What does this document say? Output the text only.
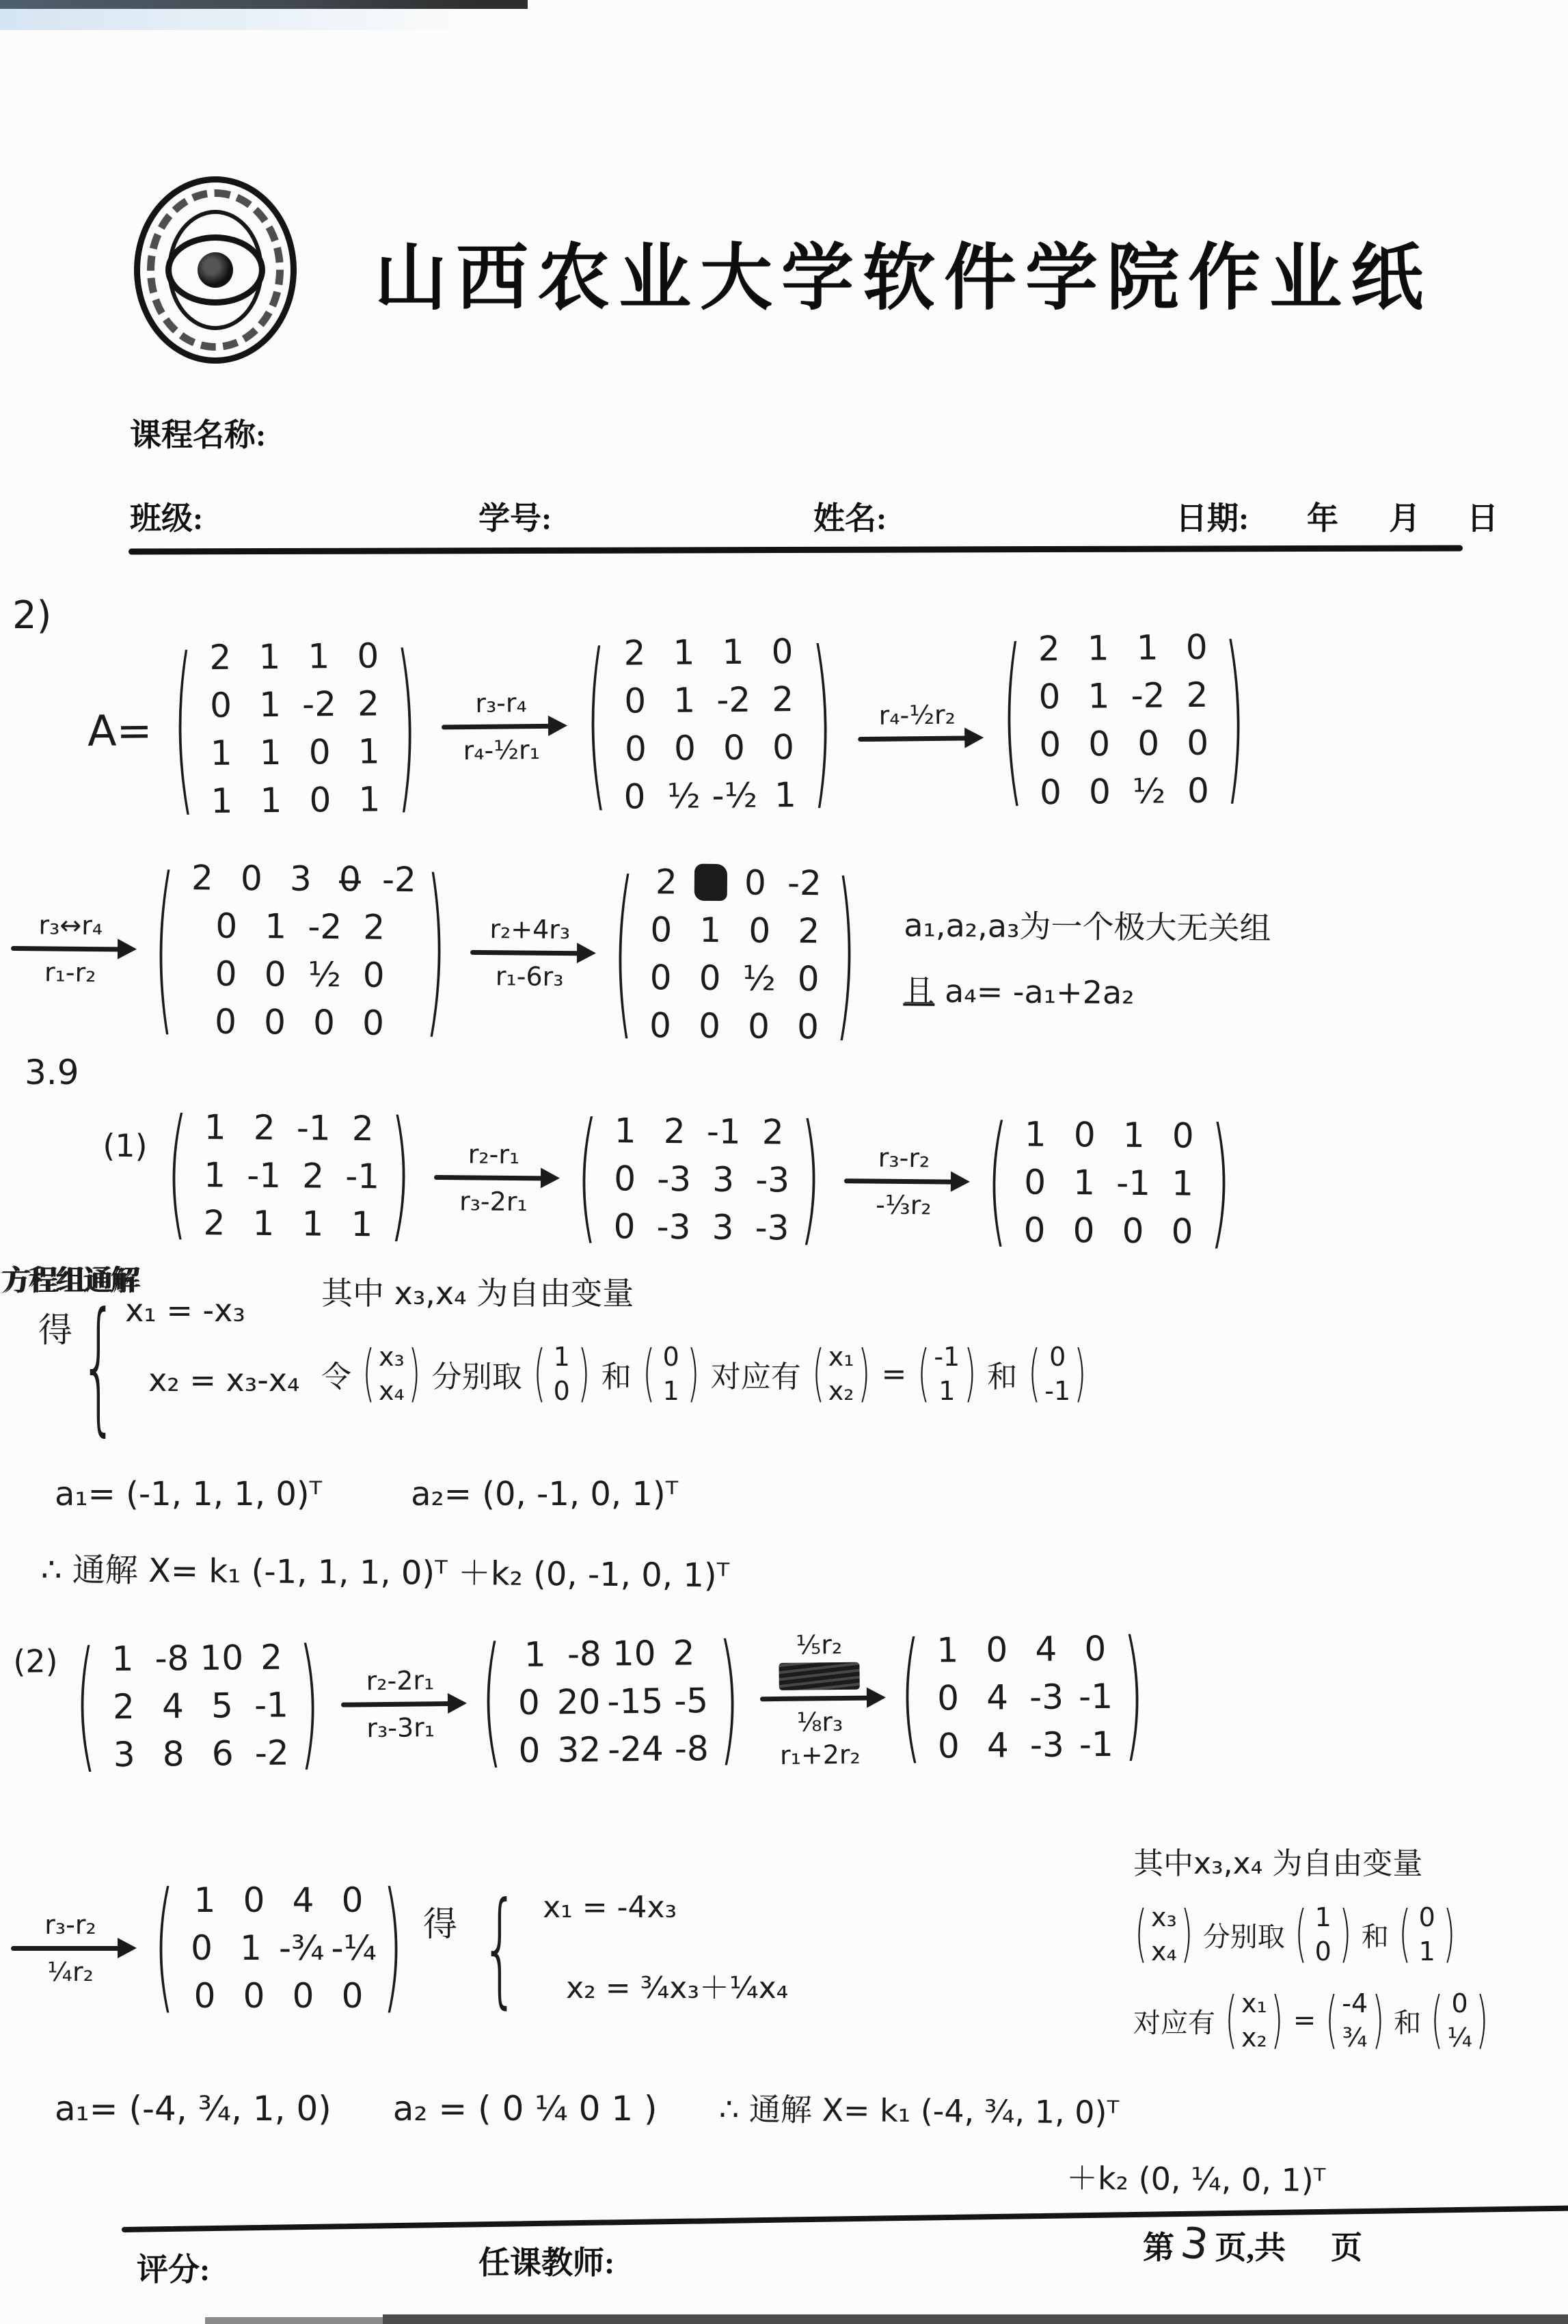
山西农业大学软件学院作业纸
课程名称:
班级:	学号:	姓名:	日期: 年 月 日
2)
A=
( 2 1 1 0
0 1 -2 2
1 1 0 1
1 1 0 1
)
r₃-r₄
r₄-½r₁
( 2 1 1 0
0 1 -2 2
0 0 0 0
0 ½ -½ 1
)
r₄-½r₂
( 2 1 1 0
0 1 -2 2
0 0 0 0
0 0 ½ 0
)
r₃↔r₄
r₁-r₂
( 2 0 3 0̶ -2
0 1 -2 2
0 0 ½ 0
0 0 0 0
)
r₂+4r₃
r₁-6r₃
( 2	0 -2
0 1 0 2
0 0 ½ 0
0 0 0 0
)
a₁,a₂,a₃为一个极大无关组
且 a₄= -a₁+2a₂
3.9
(1)	( 1 2 -1 2
1 -1 2 -1
2 1 1 1
)
r₂-r₁
r₃-2r₁
( 1 2 -1 2
0 -3 3 -3
0 -3 3 -3
)
r₃-r₂
-⅓r₂
( 1 0 1 0
0 1 -1 1
0 0 0 0
)
方程组通解
得 { x₁ = -x₃
x₂ = x₃-x₄
其中 x₃,x₄ 为自由变量
令
( x₃
x₄
) 分别取
( 1
0
) 和
( 0
1
) 对应有
( x₁
x₂
) = ( -1
1
) 和
( 0
-1
)
a₁= (-1, 1, 1, 0)ᵀ	a₂= (0, -1, 0, 1)ᵀ
∴ 通解 X= k₁ (-1, 1, 1, 0)ᵀ ＋k₂ (0, -1, 0, 1)ᵀ
(2)	( 1 -8 10 2
2 4 5 -1
3 8 6 -2
)
r₂-2r₁
r₃-3r₁
( 1 -8 10 2
0 20 -15 -5
0 32 -24 -8
)
⅕r₂
⅛r₃
r₁+2r₂
( 1 0 4 0
0 4 -3 -1
0 4 -3 -1
)
r₃-r₂
¼r₂
( 1 0 4 0
0 1 -¾ -¼
0 0 0 0
)
得 { x₁ = -4x₃
x₂ = ¾x₃＋¼x₄
其中x₃,x₄ 为自由变量
( x₃
x₄
) 分别取
( 1
0
) 和
( 0
1
)
对应有
( x₁
x₂
)
=
( -4
¾
) 和
( 0
¼
)
a₁= (-4, ¾, 1, 0) a₂ = ( 0 ¼ 0 1 ) ∴ 通解 X= k₁ (-4, ¾, 1, 0)ᵀ
＋k₂ (0, ¼, 0, 1)ᵀ
评分:	任课教师:	第 3 页,共 页
